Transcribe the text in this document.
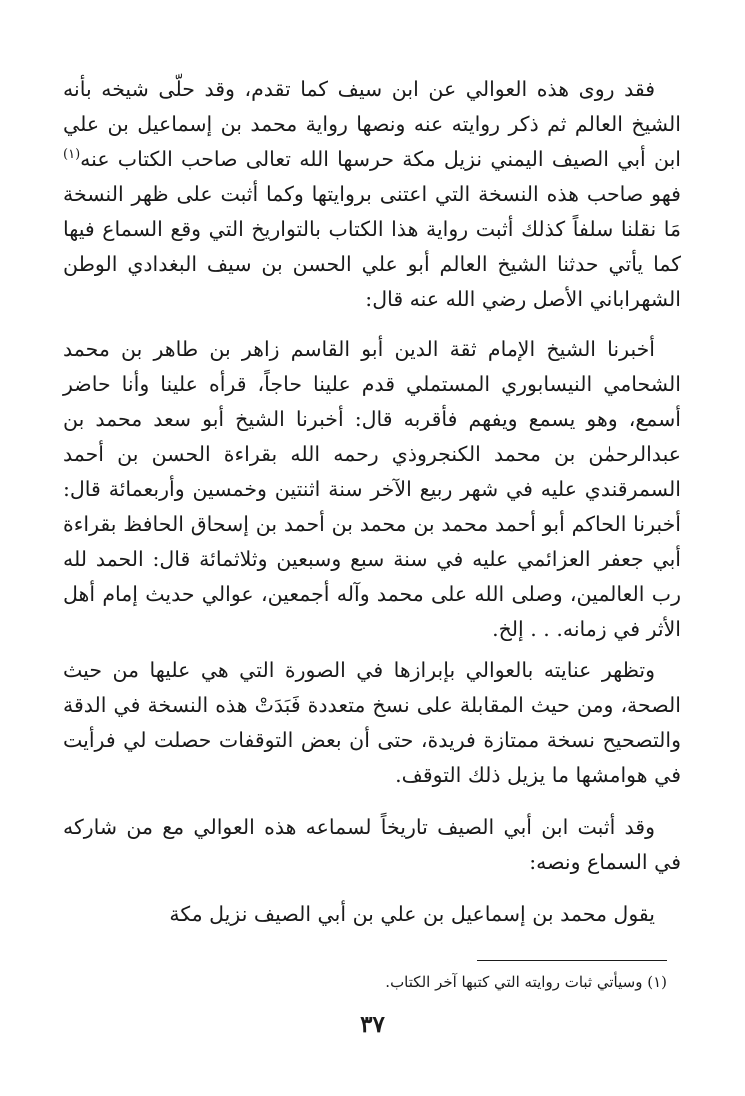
فقد روى هذه العوالي عن ابن سيف كما تقدم، وقد حلّى شيخه بأنه الشيخ العالم ثم ذكر روايته عنه ونصها رواية محمد بن إسماعيل بن علي ابن أبي الصيف اليمني نزيل مكة حرسها الله تعالى صاحب الكتاب عنه$^{(١)}$ فهو صاحب هذه النسخة التي اعتنى بروايتها وكما أثبت على ظهر النسخة مَا نقلنا سلفاً كذلك أثبت رواية هذا الكتاب بالتواريخ التي وقع السماع فيها كما يأتي حدثنا الشيخ العالم أبو علي الحسن بن سيف البغدادي الوطن الشهراباني الأصل رضي الله عنه قال:

أخبرنا الشيخ الإمام ثقة الدين أبو القاسم زاهر بن طاهر بن محمد الشحامي النيسابوري المستملي قدم علينا حاجاً، قرأه علينا وأنا حاضر أسمع، وهو يسمع ويفهم فأقربه قال: أخبرنا الشيخ أبو سعد محمد بن عبدالرحمٰن بن محمد الكنجروذي رحمه الله بقراءة الحسن بن أحمد السمرقندي عليه في شهر ربيع الآخر سنة اثنتين وخمسين وأربعمائة قال: أخبرنا الحاكم أبو أحمد محمد بن محمد بن أحمد بن إسحاق الحافظ بقراءة أبي جعفر العزائمي عليه في سنة سبع وسبعين وثلاثمائة قال: الحمد لله رب العالمين، وصلى الله على محمد وآله أجمعين، عوالي حديث إمام أهل الأثر في زمانه. . . إلخ.

وتظهر عنايته بالعوالي بإبرازها في الصورة التي هي عليها من حيث الصحة، ومن حيث المقابلة على نسخ متعددة فَبَدَتْ هذه النسخة في الدقة والتصحيح نسخة ممتازة فريدة، حتى أن بعض التوقفات حصلت لي فرأيت في هوامشها ما يزيل ذلك التوقف.

وقد أثبت ابن أبي الصيف تاريخاً لسماعه هذه العوالي مع من شاركه في السماع ونصه:

يقول محمد بن إسماعيل بن علي بن أبي الصيف نزيل مكة

(١) وسيأتي ثبات روايته التي كتبها آخر الكتاب.
٣٧
